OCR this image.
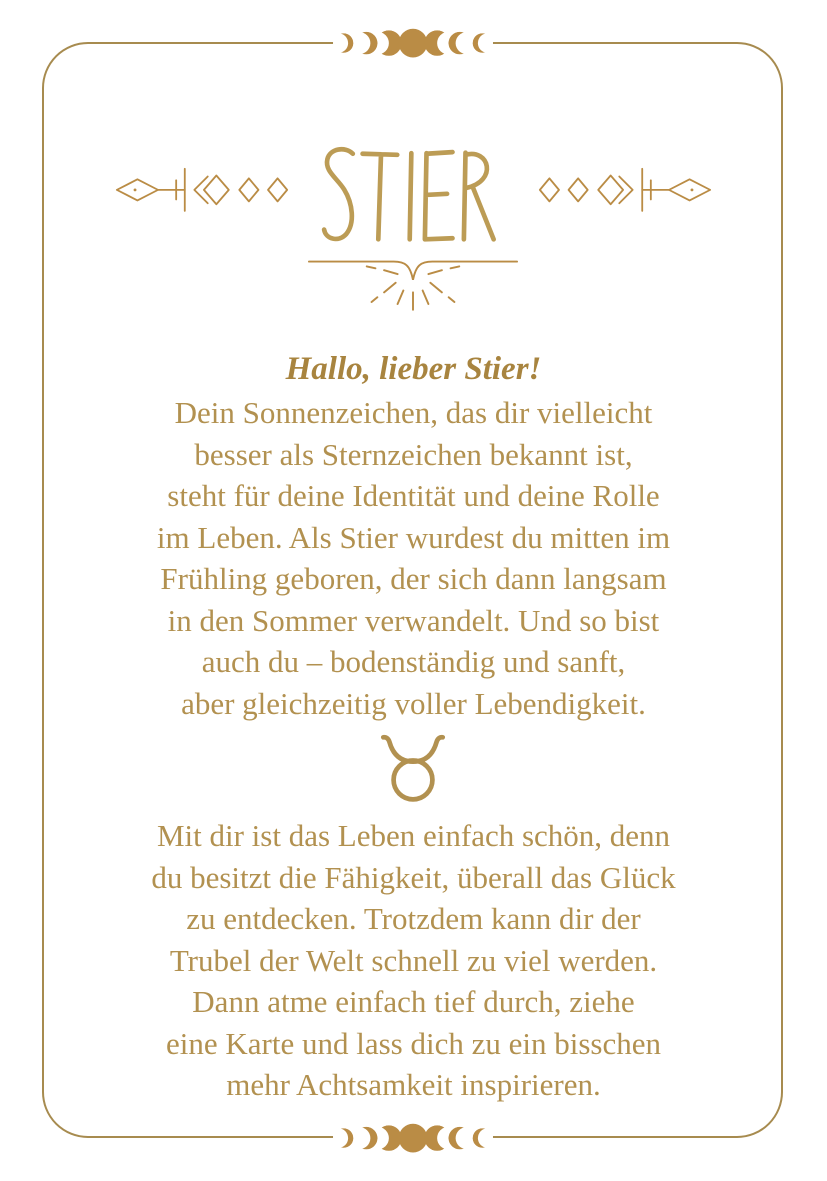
Hallo, lieber Stier!

Dein Sonnenzeichen, das dir vielleicht
besser als Sternzeichen bekannt ist,
steht für deine Identität und deine Rolle
im Leben. Als Stier wurdest du mitten im
Frühling geboren, der sich dann langsam
in den Sommer verwandelt. Und so bist
auch du – bodenständig und sanft,
aber gleichzeitig voller Lebendigkeit.
Mit dir ist das Leben einfach schön, denn
du besitzt die Fähigkeit, überall das Glück
zu entdecken. Trotzdem kann dir der
Trubel der Welt schnell zu viel werden.
Dann atme einfach tief durch, ziehe
eine Karte und lass dich zu ein bisschen
mehr Achtsamkeit inspirieren.
